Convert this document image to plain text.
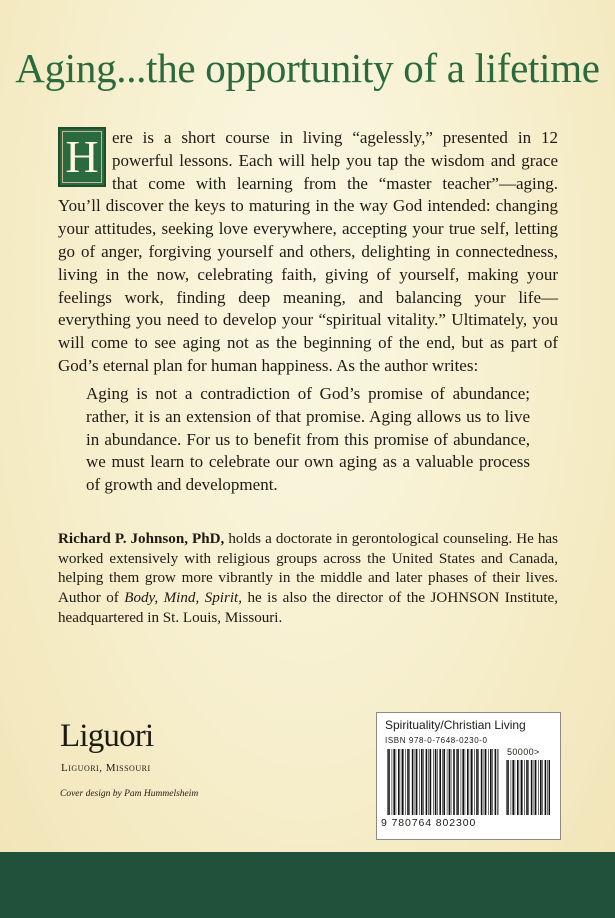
Aging...the opportunity of a lifetime
H ere is a short course in living “agelessly,” presented in 12 powerful lessons. Each will help you tap the wisdom and grace that come with learning from the “master teacher”—aging. You’ll discover the keys to maturing in the way God intended: changing your attitudes, seeking love everywhere, accepting your true self, letting go of anger, forgiving yourself and others, delighting in connectedness, living in the now, celebrating faith, giving of yourself, making your feelings work, finding deep meaning, and balancing your life—everything you need to develop your “spiritual vitality.” Ultimately, you will come to see aging not as the beginning of the end, but as part of God’s eternal plan for human happiness. As the author writes:
Aging is not a contradiction of God’s promise of abundance; rather, it is an extension of that promise. Aging allows us to live in abundance. For us to benefit from this promise of abundance, we must learn to celebrate our own aging as a valuable process of growth and development.
Richard P. Johnson, PhD, holds a doctorate in gerontological counseling. He has worked extensively with religious groups across the United States and Canada, helping them grow more vibrantly in the middle and later phases of their lives. Author of Body, Mind, Spirit, he is also the director of the JOHNSON Institute, headquartered in St. Louis, Missouri.
Liguori
Liguori, Missouri
Cover design by Pam Hummelsheim
Spirituality/Christian Living
ISBN 978-0-7648-0230-0
50000>
9 780764 802300
